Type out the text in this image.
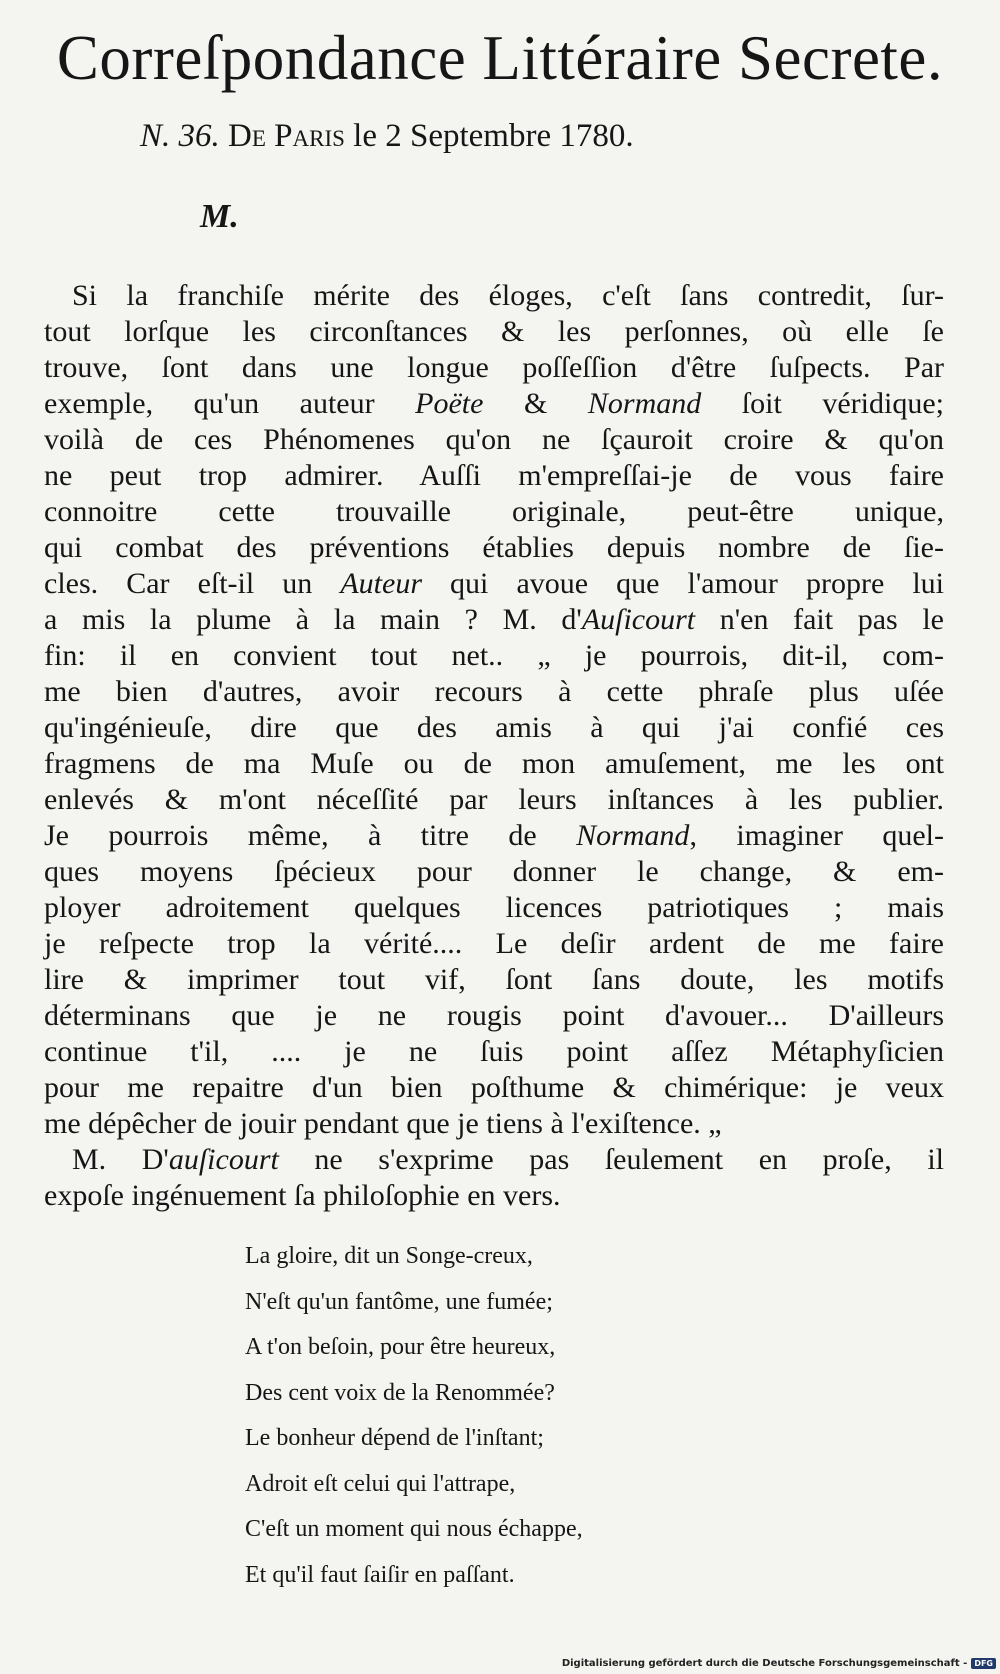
Correſpondance Littéraire Secrete.
N. 36. De Paris le 2 Septembre 1780.
M.
Si la franchiſe mérite des éloges, c'eſt ſans contredit, ſur-
tout lorſque les circonſtances & les perſonnes, où elle ſe
trouve, ſont dans une longue poſſeſſion d'être ſuſpects. Par
exemple, qu'un auteur Poëte & Normand ſoit véridique;
voilà de ces Phénomenes qu'on ne ſçauroit croire & qu'on
ne peut trop admirer. Auſſi m'empreſſai-je de vous faire
connoitre cette trouvaille originale, peut-être unique,
qui combat des préventions établies depuis nombre de ſie-
cles. Car eſt-il un Auteur qui avoue que l'amour propre lui
a mis la plume à la main ? M. d'Auſicourt n'en fait pas le
fin: il en convient tout net.. „ je pourrois, dit-il, com-
me bien d'autres, avoir recours à cette phraſe plus uſée
qu'ingénieuſe, dire que des amis à qui j'ai confié ces
fragmens de ma Muſe ou de mon amuſement, me les ont
enlevés & m'ont néceſſité par leurs inſtances à les publier.
Je pourrois même, à titre de Normand, imaginer quel-
ques moyens ſpécieux pour donner le change, & em-
ployer adroitement quelques licences patriotiques ; mais
je reſpecte trop la vérité.... Le deſir ardent de me faire
lire & imprimer tout vif, ſont ſans doute, les motifs
déterminans que je ne rougis point d'avouer... D'ailleurs
continue t'il, .... je ne ſuis point aſſez Métaphyſicien
pour me repaitre d'un bien poſthume & chimérique: je veux
me dépêcher de jouir pendant que je tiens à l'exiſtence. „
M. D'auſicourt ne s'exprime pas ſeulement en proſe, il
expoſe ingénuement ſa philoſophie en vers.
La gloire, dit un Songe-creux,
N'eſt qu'un fantôme, une fumée;
A t'on beſoin, pour être heureux,
Des cent voix de la Renommée?
Le bonheur dépend de l'inſtant;
Adroit eſt celui qui l'attrape,
C'eſt un moment qui nous échappe,
Et qu'il faut ſaiſir en paſſant.
Digitalisierung gefördert durch die Deutsche Forschungsgemeinschaft - DFG
